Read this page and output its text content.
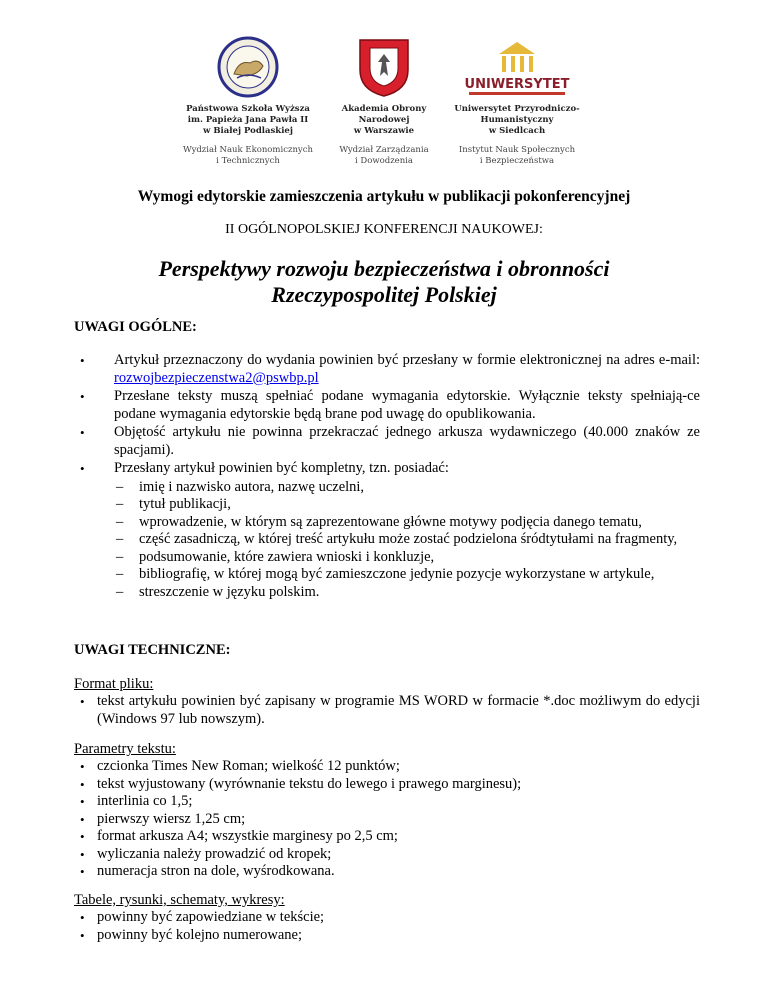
Państwowa Szkoła Wyższa
im. Papieża Jana Pawła II
w Białej Podlaskiej
Wydział Nauk Ekonomicznych
i Technicznych
Akademia Obrony
Narodowej
w Warszawie
Wydział Zarządzania
i Dowodzenia
UNIWERSYTET
Uniwersytet Przyrodniczo-
Humanistyczny
w Siedlcach
Instytut Nauk Społecznych
i Bezpieczeństwa
Wymogi edytorskie zamieszczenia artykułu w publikacji pokonferencyjnej
II OGÓLNOPOLSKIEJ KONFERENCJI NAUKOWEJ:
Perspektywy rozwoju bezpieczeństwa i obronności
Rzeczypospolitej Polskiej
UWAGI OGÓLNE:
• Artykuł przeznaczony do wydania powinien być przesłany w formie elektronicznej na adres e-mail: rozwojbezpieczenstwa2@pswbp.pl
• Przesłane teksty muszą spełniać podane wymagania edytorskie. Wyłącznie teksty spełniają-ce podane wymagania edytorskie będą brane pod uwagę do opublikowania.
• Objętość artykułu nie powinna przekraczać jednego arkusza wydawniczego (40.000 znaków ze spacjami).
• Przesłany artykuł powinien być kompletny, tzn. posiadać:
– imię i nazwisko autora, nazwę uczelni,
– tytuł publikacji,
– wprowadzenie, w którym są zaprezentowane główne motywy podjęcia danego tematu,
– część zasadniczą, w której treść artykułu może zostać podzielona śródtytułami na fragmenty,
– podsumowanie, które zawiera wnioski i konkluzje,
– bibliografię, w której mogą być zamieszczone jedynie pozycje wykorzystane w artykule,
– streszczenie w języku polskim.
UWAGI TECHNICZNE:
Format pliku:
• tekst artykułu powinien być zapisany w programie MS WORD w formacie *.doc możliwym do edycji (Windows 97 lub nowszym).
Parametry tekstu:
• czcionka Times New Roman; wielkość 12 punktów;
• tekst wyjustowany (wyrównanie tekstu do lewego i prawego marginesu);
• interlinia co 1,5;
• pierwszy wiersz 1,25 cm;
• format arkusza A4; wszystkie marginesy po 2,5 cm;
• wyliczania należy prowadzić od kropek;
• numeracja stron na dole, wyśrodkowana.
Tabele, rysunki, schematy, wykresy:
• powinny być zapowiedziane w tekście;
• powinny być kolejno numerowane;
